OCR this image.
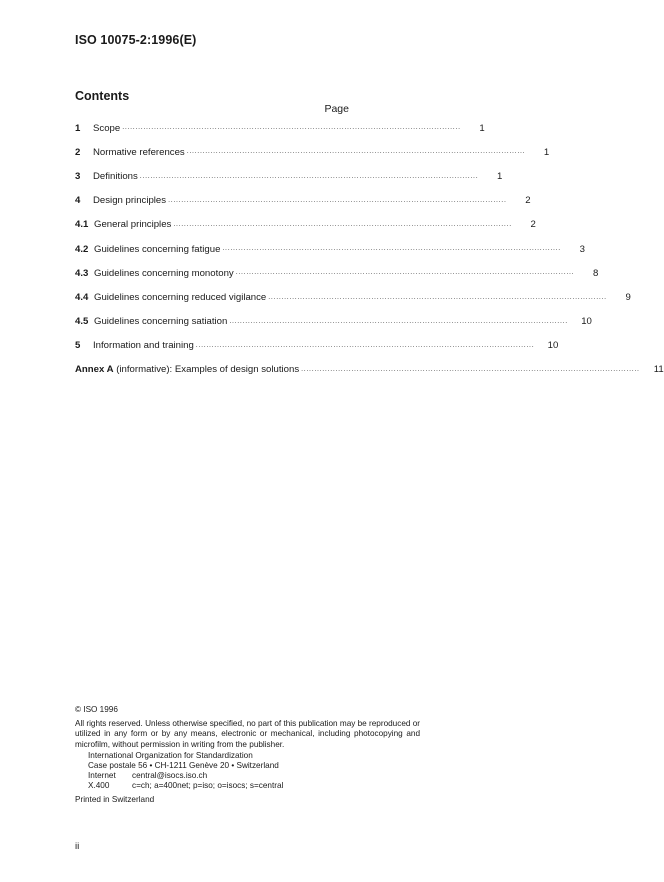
ISO 10075-2:1996(E)
Contents
Page
1	Scope ................................................................................................................................	1
2	Normative references ................................................................................................................................	1
3	Definitions ................................................................................................................................	1
4	Design principles ................................................................................................................................	2
4.1 General principles ................................................................................................................................	2
4.2 Guidelines concerning fatigue ................................................................................................................................	3
4.3 Guidelines concerning monotony ................................................................................................................................	8
4.4 Guidelines concerning reduced vigilance ................................................................................................................................	9
4.5 Guidelines concerning satiation ................................................................................................................................	10
5	Information and training ................................................................................................................................	10
Annex A (informative): Examples of design solutions ................................................................................................................................	11
© ISO 1996
All rights reserved. Unless otherwise specified, no part of this publication may be reproduced or utilized in any form or by any means, electronic or mechanical, including photocopying and microfilm, without permission in writing from the publisher.
International Organization for Standardization
Case postale 56 • CH-1211 Genève 20 • Switzerland
Internet	central@isocs.iso.ch
X.400	c=ch; a=400net; p=iso; o=isocs; s=central
Printed in Switzerland
ii
